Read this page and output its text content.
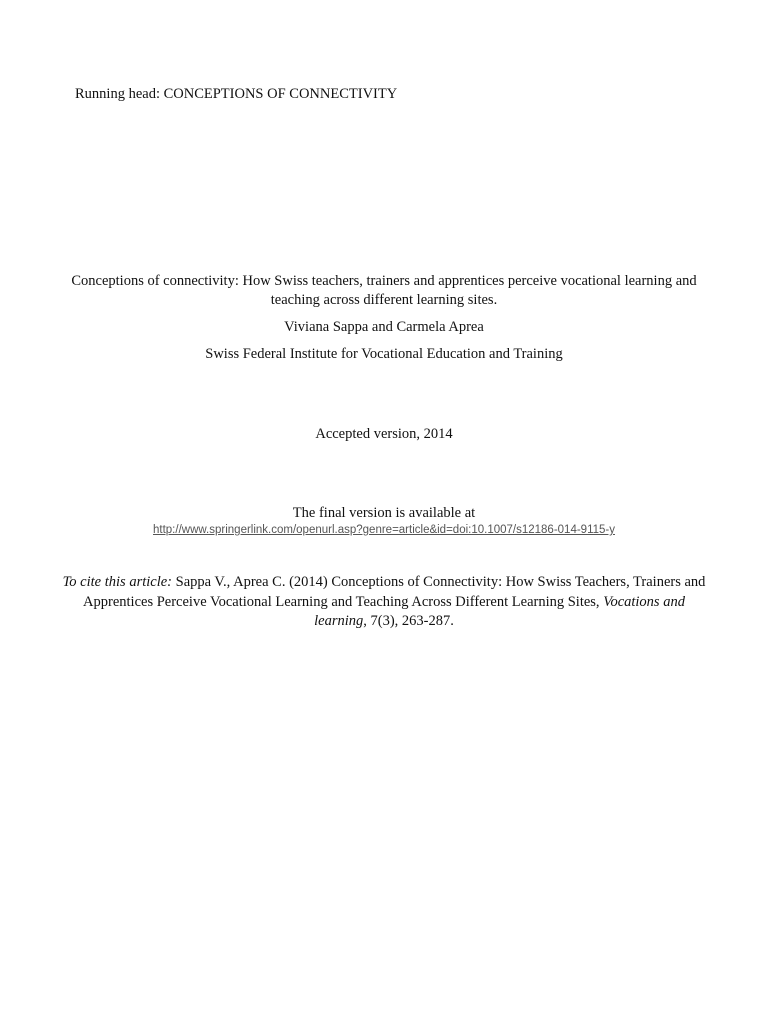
Running head: CONCEPTIONS OF CONNECTIVITY
Conceptions of connectivity: How Swiss teachers, trainers and apprentices perceive vocational learning and teaching across different learning sites.
Viviana Sappa and Carmela Aprea
Swiss Federal Institute for Vocational Education and Training
Accepted version, 2014
The final version is available at
http://www.springerlink.com/openurl.asp?genre=article&id=doi:10.1007/s12186-014-9115-y
To cite this article: Sappa V., Aprea C. (2014) Conceptions of Connectivity: How Swiss Teachers, Trainers and Apprentices Perceive Vocational Learning and Teaching Across Different Learning Sites, Vocations and learning, 7(3), 263-287.
